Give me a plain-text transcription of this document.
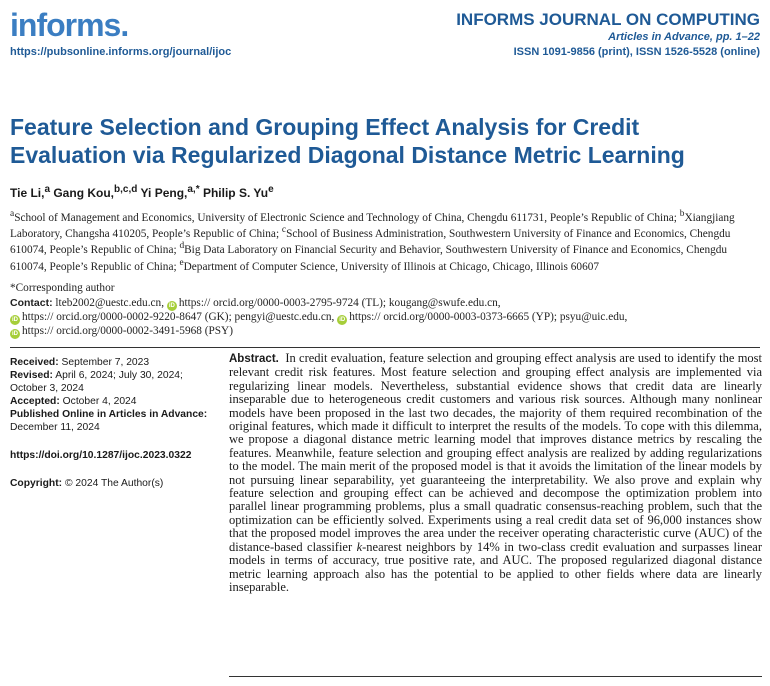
informs.
https://pubsonline.informs.org/journal/ijoc
INFORMS JOURNAL ON COMPUTING
Articles in Advance, pp. 1–22
ISSN 1091-9856 (print), ISSN 1526-5528 (online)
Feature Selection and Grouping Effect Analysis for Credit Evaluation via Regularized Diagonal Distance Metric Learning
Tie Li,$^a$ Gang Kou,$^{b,c,d}$ Yi Peng,$^{a,*}$ Philip S. Yu$^e$
$^a$School of Management and Economics, University of Electronic Science and Technology of China, Chengdu 611731, People’s Republic of China; $^b$Xiangjiang Laboratory, Changsha 410205, People’s Republic of China; $^c$School of Business Administration, Southwestern University of Finance and Economics, Chengdu 610074, People’s Republic of China; $^d$Big Data Laboratory on Financial Security and Behavior, Southwestern University of Finance and Economics, Chengdu 610074, People’s Republic of China; $^e$Department of Computer Science, University of Illinois at Chicago, Chicago, Illinois 60607
*Corresponding author
Contact: lteb2002@uestc.edu.cn, iD https:// orcid.org/0000-0003-2795-9724 (TL); kougang@swufe.edu.cn,
iD https:// orcid.org/0000-0002-9220-8647 (GK); pengyi@uestc.edu.cn, iD https:// orcid.org/0000-0003-0373-6665 (YP); psyu@uic.edu,
iD https:// orcid.org/0000-0002-3491-5968 (PSY)

Received: September 7, 2023

Revised: April 6, 2024; July 30, 2024; October 3, 2024

Accepted: October 4, 2024

Published Online in Articles in Advance:
December 11, 2024

https://doi.org/10.1287/ijoc.2023.0322

Copyright: © 2024 The Author(s)

Abstract. In credit evaluation, feature selection and grouping effect analysis are used to identify the most relevant credit risk features. Most feature selection and grouping effect analysis are implemented via regularizing linear models. Nevertheless, substantial evidence shows that credit data are linearly inseparable due to heterogeneous credit customers and various risk sources. Although many nonlinear models have been proposed in the last two decades, the majority of them required recombination of the original features, which made it difficult to interpret the results of the models. To cope with this dilemma, we propose a diagonal distance metric learning model that improves distance metrics by rescaling the features. Meanwhile, feature selection and grouping effect analysis are realized by adding regularizations to the model. The main merit of the proposed model is that it avoids the limitation of the linear models by not pursuing linear separability, yet guaranteeing the interpretability. We also prove and explain why feature selection and grouping effect can be achieved and decompose the optimization problem into parallel linear programming problems, plus a small quadratic consensus-reaching problem, such that the optimization can be efficiently solved. Experiments using a real credit data set of 96,000 instances show that the proposed model improves the area under the receiver operating characteristic curve (AUC) of the distance-based classifier k-nearest neighbors by 14% in two-class credit evaluation and surpasses linear models in terms of accuracy, true positive rate, and AUC. The proposed regularized diagonal distance metric learning approach also has the potential to be applied to other fields where data are linearly inseparable.
